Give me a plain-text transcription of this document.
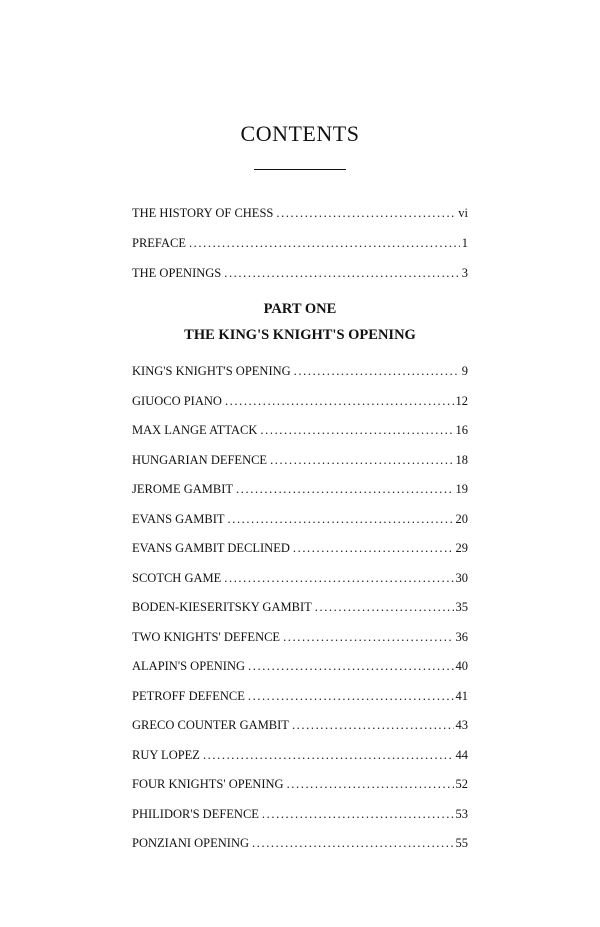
CONTENTS
THE HISTORY OF CHESS .....	vi
PREFACE .....	1
THE OPENINGS .....	3
PART ONE
THE KING'S KNIGHT'S OPENING
KING'S KNIGHT'S OPENING .....	9
GIUOCO PIANO .....	12
MAX LANGE ATTACK .....	16
HUNGARIAN DEFENCE .....	18
JEROME GAMBIT .....	19
EVANS GAMBIT .....	20
EVANS GAMBIT DECLINED .....	29
SCOTCH GAME .....	30
BODEN-KIESERITSKY GAMBIT .....	35
TWO KNIGHTS' DEFENCE .....	36
ALAPIN'S OPENING .....	40
PETROFF DEFENCE .....	41
GRECO COUNTER GAMBIT .....	43
RUY LOPEZ .....	44
FOUR KNIGHTS' OPENING .....	52
PHILIDOR'S DEFENCE .....	53
PONZIANI OPENING .....	55
